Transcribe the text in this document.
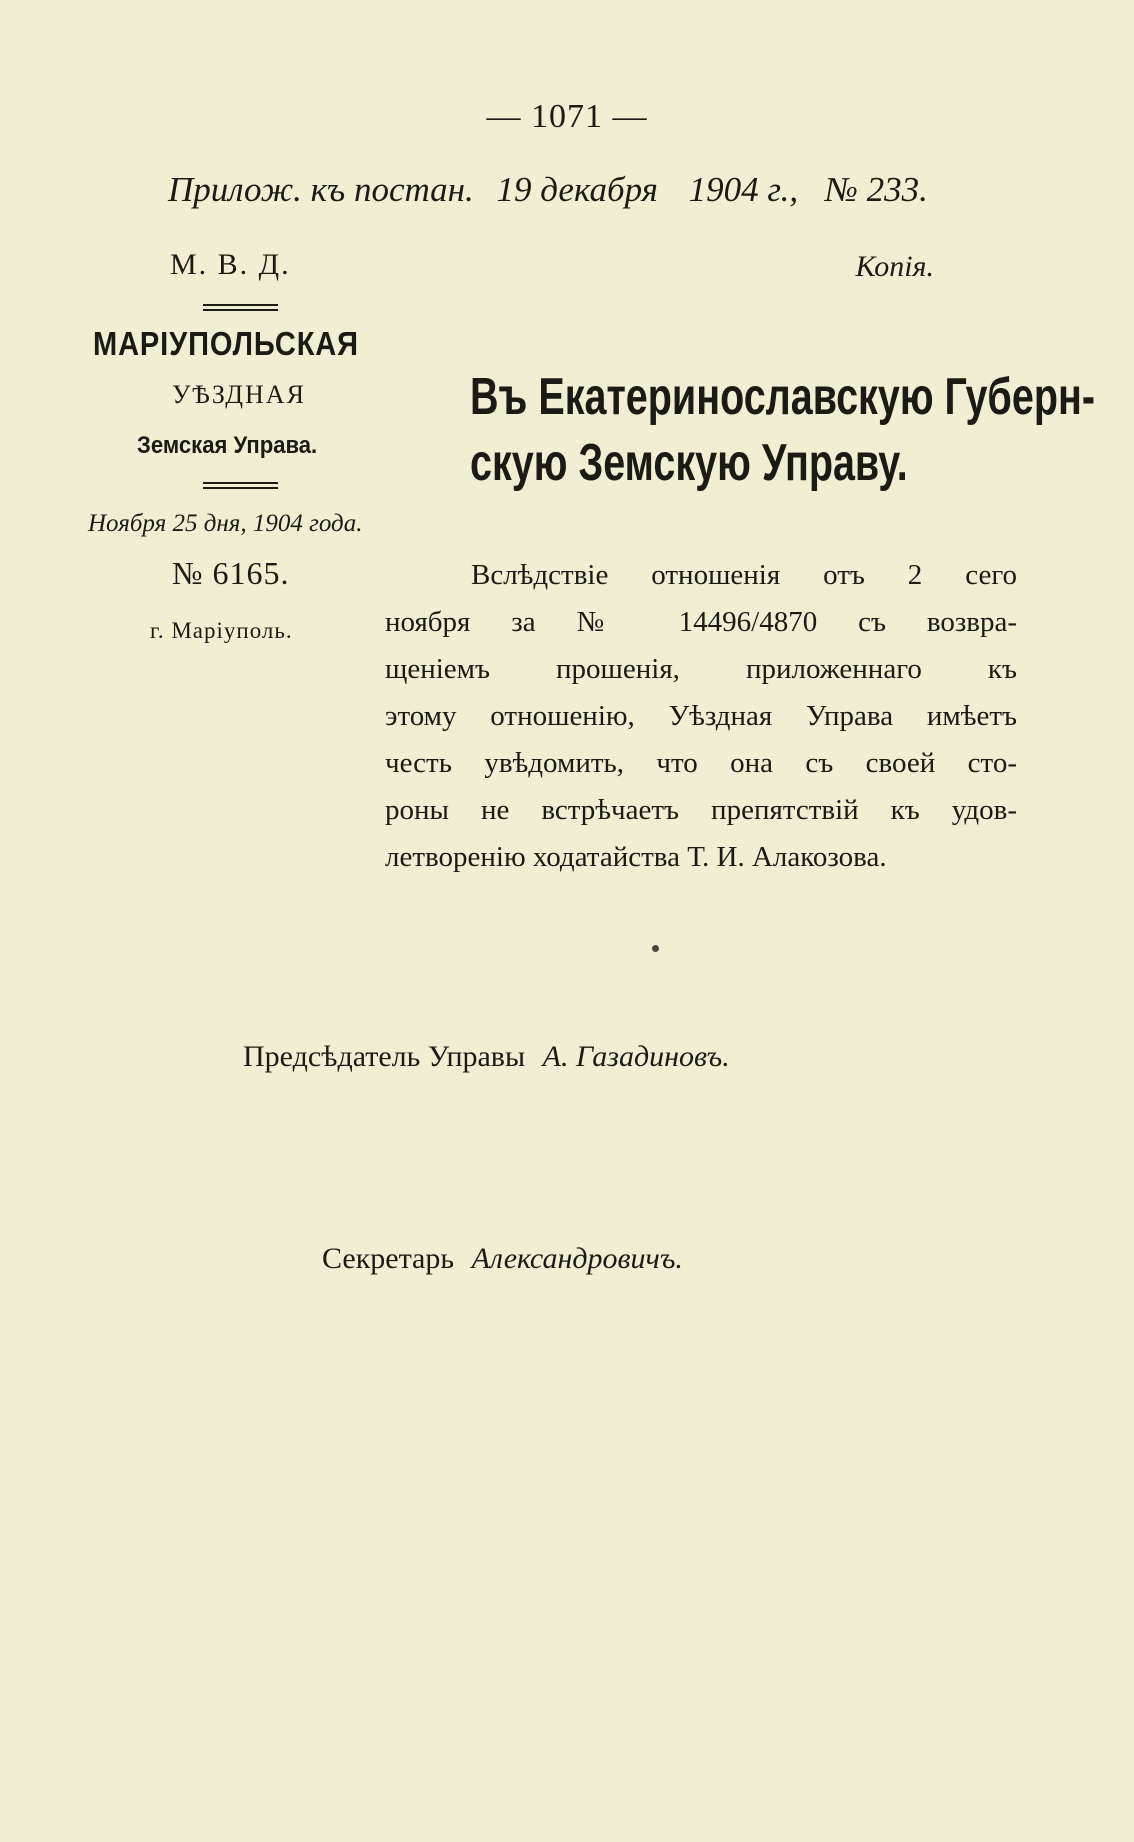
— 1071 —
Прилож. къ постан. 19 декабря 1904 г., № 233.
М. В. Д.	Копія.
МАРІУПОЛЬСКАЯ
УѢЗДНАЯ
Земская Управа.
Ноября 25 дня, 1904 года.
№ 6165.
г. Маріуполь.
Въ Екатеринославскую Губерн-
скую Земскую Управу.
Вслѣдствіе отношенія отъ 2 сего
ноября за № 14496/4870 съ возвра-
щеніемъ прошенія, приложеннаго къ
этому отношенію, Уѣздная Управа имѣетъ
честь увѣдомить, что она съ своей сто-
роны не встрѣчаетъ препятствій къ удов-
летворенію ходатайства Т. И. Алакозова.
Предсѣдатель Управы А. Газадиновъ.
Секретарь Александровичъ.
